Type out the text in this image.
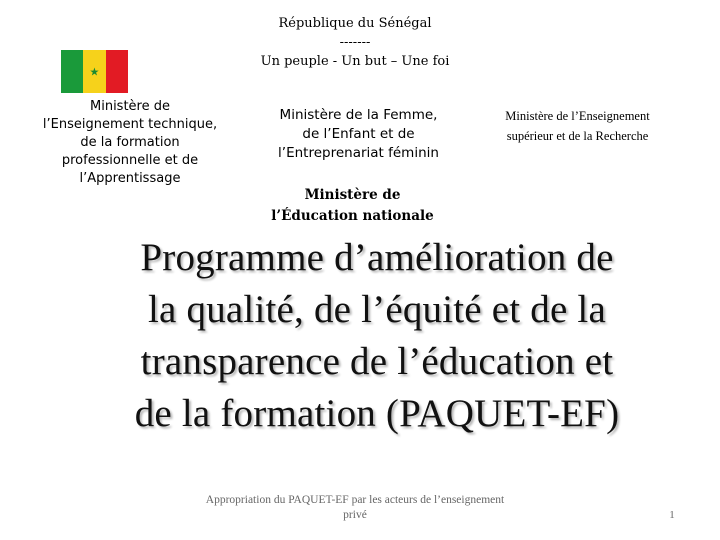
République du Sénégal
-------
Un peuple - Un but – Une foi
★
Ministère de
l’Enseignement technique,
de la formation
professionnelle et de
l’Apprentissage
Ministère de la Femme,
de l’Enfant et de
l’Entreprenariat féminin
Ministère de l’Enseignement
supérieur et de la Recherche
Ministère de
l’Éducation nationale
Programme d’amélioration de
la qualité, de l’équité et de la
transparence de l’éducation et
de la formation (PAQUET-EF)
Appropriation du PAQUET-EF par les acteurs de l’enseignement
privé	1
